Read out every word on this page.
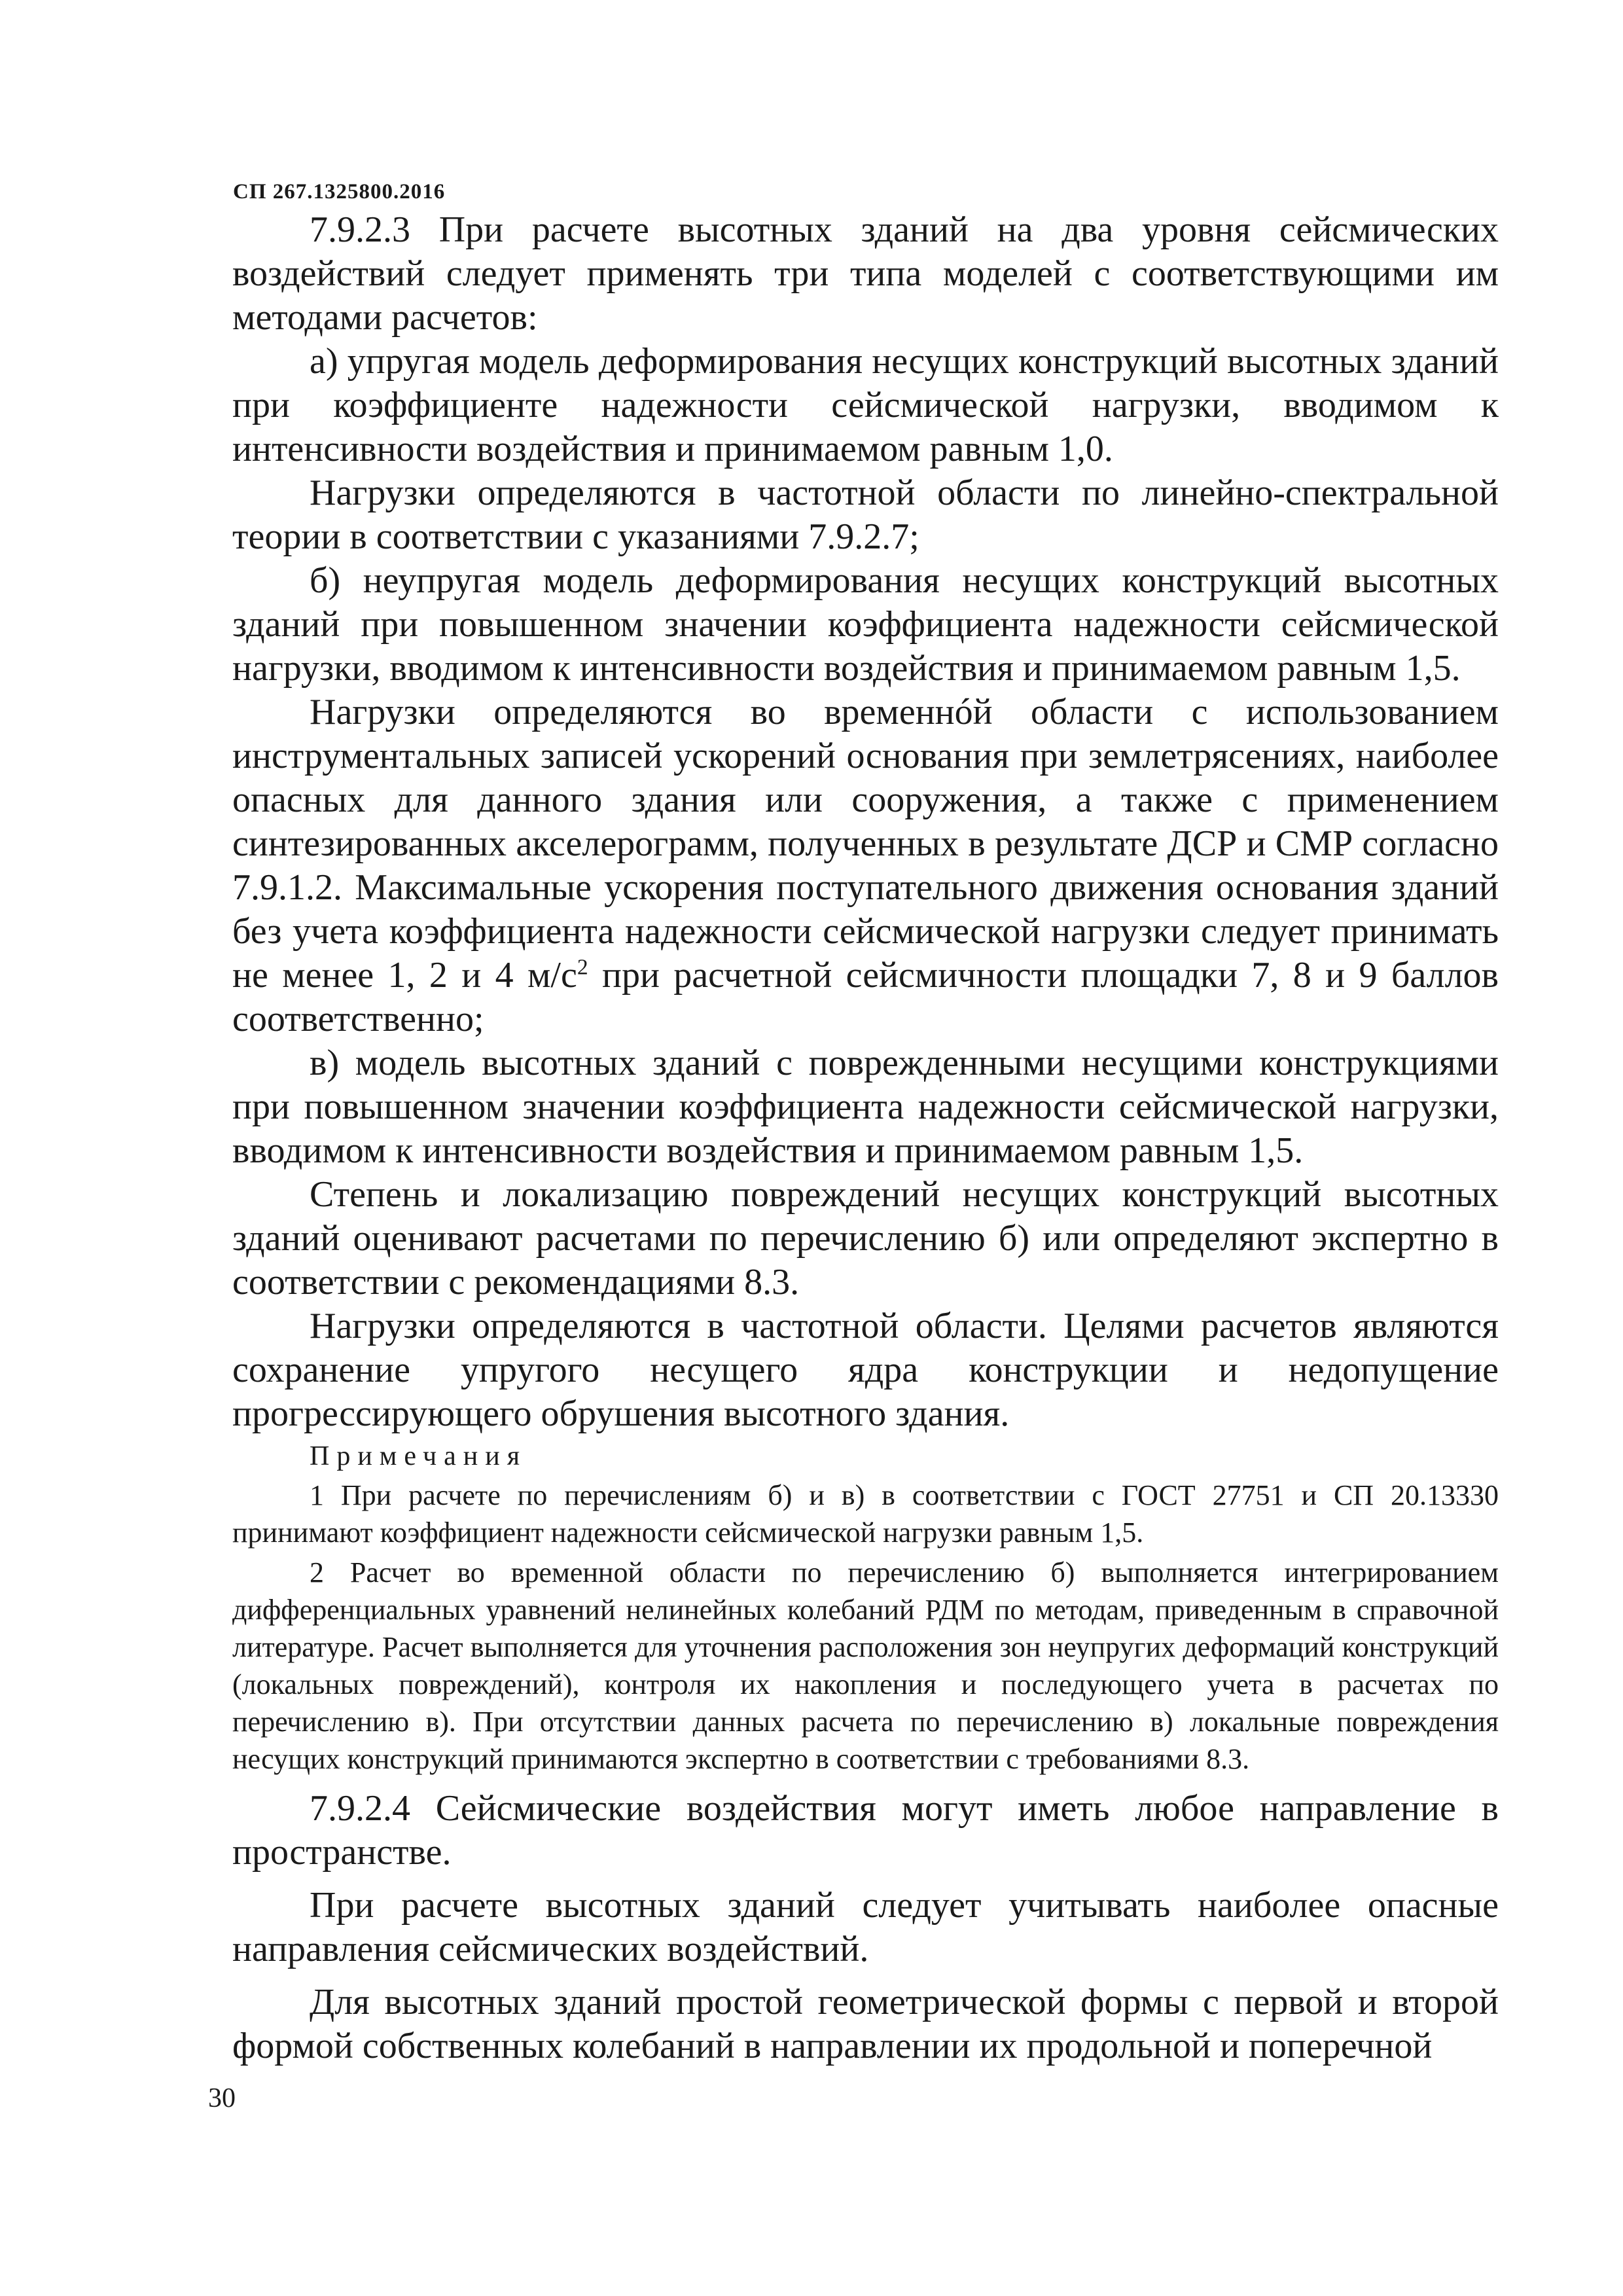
СП 267.1325800.2016

7.9.2.3 При расчете высотных зданий на два уровня сейсмических воздействий следует применять три типа моделей с соответствующими им методами расчетов:

а) упругая модель деформирования несущих конструкций высотных зданий при коэффициенте надежности сейсмической нагрузки, вводимом к интенсивности воздействия и принимаемом равным 1,0.

Нагрузки определяются в частотной области по линейно-спектральной теории в соответствии с указаниями 7.9.2.7;

б) неупругая модель деформирования несущих конструкций высотных зданий при повышенном значении коэффициента надежности сейсмической нагрузки, вводимом к интенсивности воздействия и принимаемом равным 1,5.

Нагрузки определяются во временнóй области с использованием инструментальных записей ускорений основания при землетрясениях, наиболее опасных для данного здания или сооружения, а также с применением синтезированных акселерограмм, полученных в результате ДСР и СМР согласно 7.9.1.2. Максимальные ускорения поступательного движения основания зданий без учета коэффициента надежности сейсмической нагрузки следует принимать не менее 1, 2 и 4 $м/с^2$ при расчетной сейсмичности площадки 7, 8 и 9 баллов соответственно;

в) модель высотных зданий с поврежденными несущими конструкциями при повышенном значении коэффициента надежности сейсмической нагрузки, вводимом к интенсивности воздействия и принимаемом равным 1,5.

Степень и локализацию повреждений несущих конструкций высотных зданий оценивают расчетами по перечислению б) или определяют экспертно в соответствии с рекомендациями 8.3.

Нагрузки определяются в частотной области. Целями расчетов являются сохранение упругого несущего ядра конструкции и недопущение прогрессирующего обрушения высотного здания.

Примечания

1 При расчете по перечислениям б) и в) в соответствии с ГОСТ 27751 и СП 20.13330 принимают коэффициент надежности сейсмической нагрузки равным 1,5.

2 Расчет во временной области по перечислению б) выполняется интегрированием дифференциальных уравнений нелинейных колебаний РДМ по методам, приведенным в справочной литературе. Расчет выполняется для уточнения расположения зон неупругих деформаций конструкций (локальных повреждений), контроля их накопления и последующего учета в расчетах по перечислению в). При отсутствии данных расчета по перечислению в) локальные повреждения несущих конструкций принимаются экспертно в соответствии с требованиями 8.3.

7.9.2.4 Сейсмические воздействия могут иметь любое направление в пространстве.

При расчете высотных зданий следует учитывать наиболее опасные направления сейсмических воздействий.

Для высотных зданий простой геометрической формы с первой и второй формой собственных колебаний в направлении их продольной и поперечной

30
